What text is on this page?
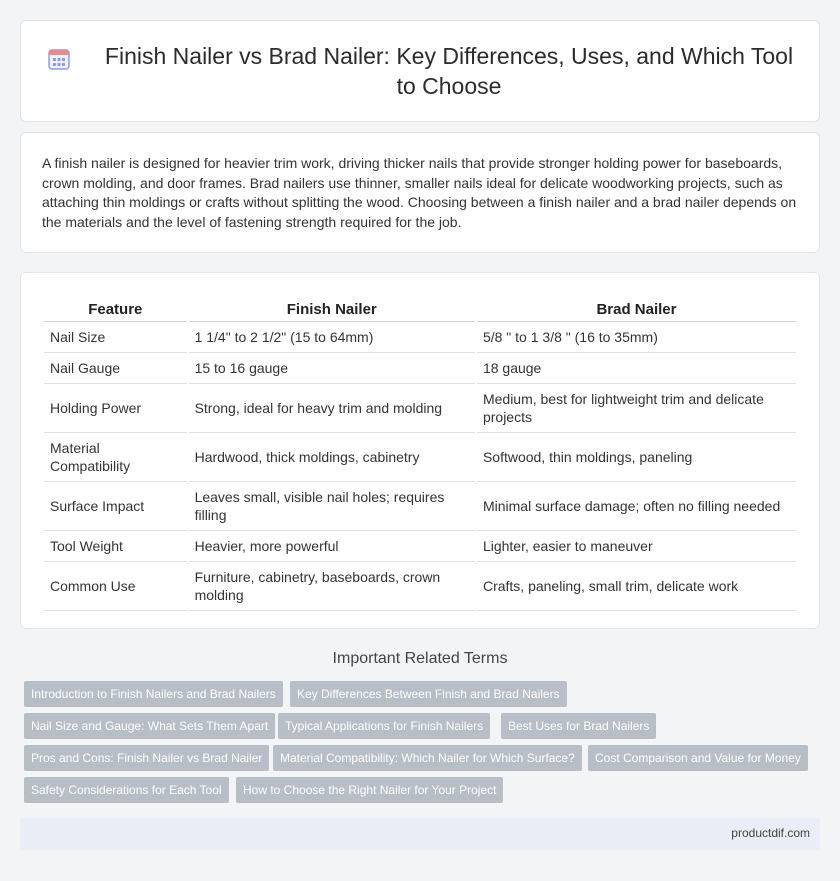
Finish Nailer vs Brad Nailer: Key Differences, Uses, and Which Tool to Choose

A finish nailer is designed for heavier trim work, driving thicker nails that provide stronger holding power for baseboards, crown molding, and door frames. Brad nailers use thinner, smaller nails ideal for delicate woodworking projects, such as attaching thin moldings or crafts without splitting the wood. Choosing between a finish nailer and a brad nailer depends on the materials and the level of fastening strength required for the job.

Feature	Finish Nailer	Brad Nailer
Nail Size	1 1/4" to 2 1/2" (15 to 64mm)	5/8 " to 1 3/8 " (16 to 35mm)
Nail Gauge	15 to 16 gauge	18 gauge
Holding Power	Strong, ideal for heavy trim and molding	Medium, best for lightweight trim and delicate projects
Material Compatibility	Hardwood, thick moldings, cabinetry	Softwood, thin moldings, paneling
Surface Impact	Leaves small, visible nail holes; requires filling	Minimal surface damage; often no filling needed
Tool Weight	Heavier, more powerful	Lighter, easier to maneuver
Common Use	Furniture, cabinetry, baseboards, crown molding	Crafts, paneling, small trim, delicate work
Important Related Terms
Introduction to Finish Nailers and Brad Nailers	Key Differences Between Finish and Brad Nailers
Nail Size and Gauge: What Sets Them Apart	Typical Applications for Finish Nailers	Best Uses for Brad Nailers
Pros and Cons: Finish Nailer vs Brad Nailer	Material Compatibility: Which Nailer for Which Surface?	Cost Comparison and Value for Money
Safety Considerations for Each Tool	How to Choose the Right Nailer for Your Project
productdif.com
